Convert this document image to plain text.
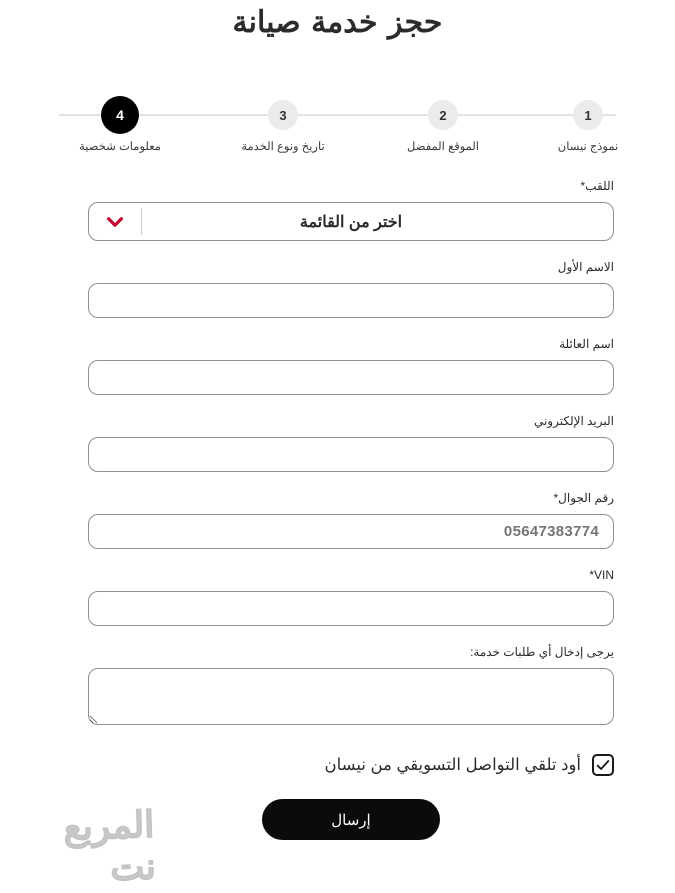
حجز خدمة صيانة
1
نموذج نيسان
2
الموقع المفضل
3
تاريخ ونوع الخدمة
4
معلومات شخصية
اللقب*
اختر من القائمة
الاسم الأول
اسم العائلة
البريد الإلكتروني
رقم الجوال*
05647383774
VIN*
يرجى إدخال أي طلبات خدمة:
أود تلقي التواصل التسويقي من نيسان
إرسال
المربع نت
